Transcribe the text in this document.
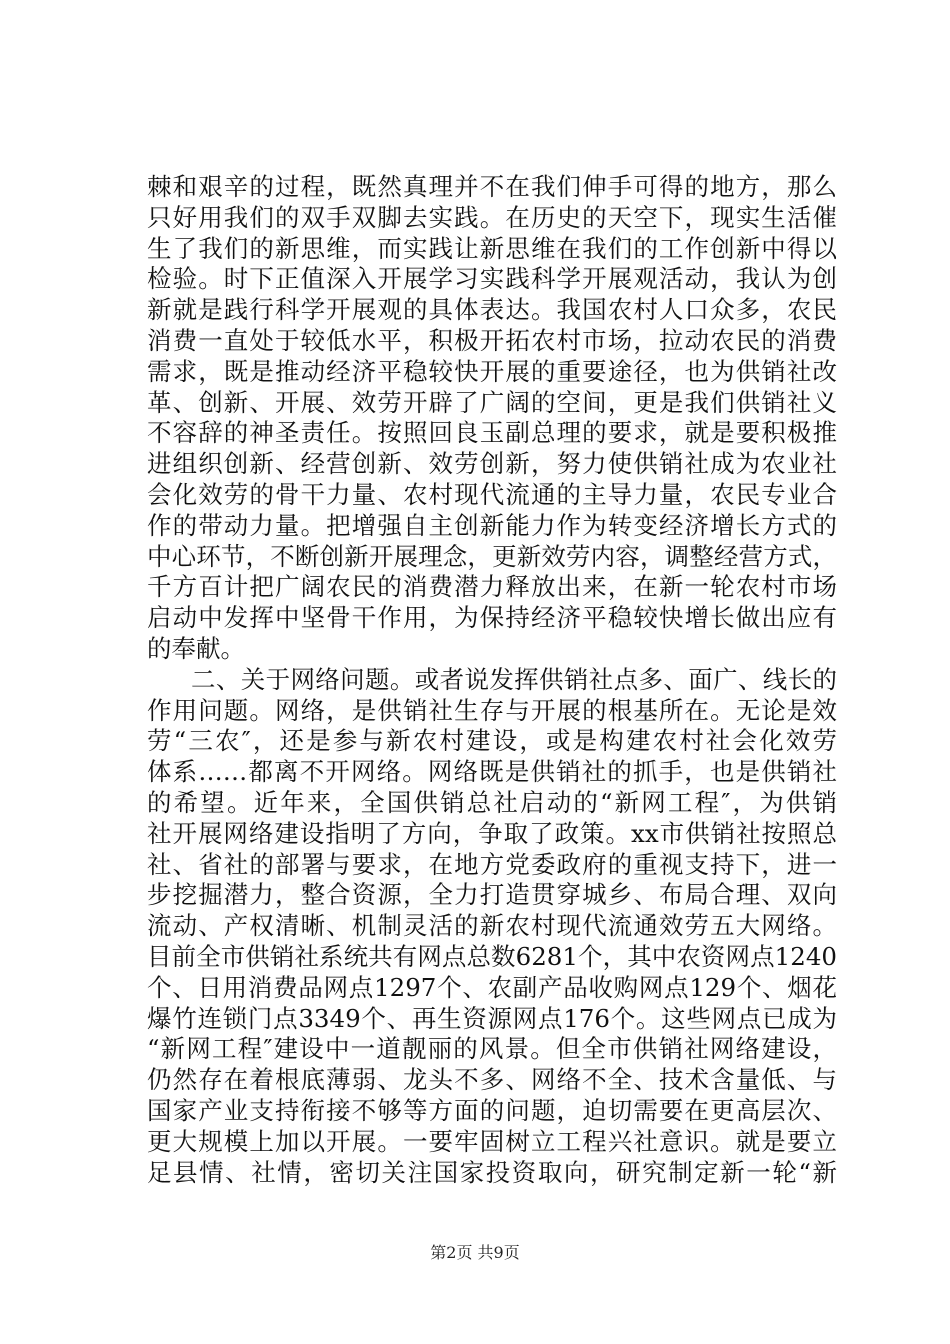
棘和艰辛的过程，既然真理并不在我们伸手可得的地方，那么
只好用我们的双手双脚去实践。在历史的天空下，现实生活催
生了我们的新思维，而实践让新思维在我们的工作创新中得以
检验。时下正值深入开展学习实践科学开展观活动，我认为创
新就是践行科学开展观的具体表达。我国农村人口众多，农民
消费一直处于较低水平，积极开拓农村市场，拉动农民的消费
需求，既是推动经济平稳较快开展的重要途径，也为供销社改
革、创新、开展、效劳开辟了广阔的空间，更是我们供销社义
不容辞的神圣责任。按照回良玉副总理的要求，就是要积极推
进组织创新、经营创新、效劳创新，努力使供销社成为农业社
会化效劳的骨干力量、农村现代流通的主导力量，农民专业合
作的带动力量。把增强自主创新能力作为转变经济增长方式的
中心环节，不断创新开展理念，更新效劳内容，调整经营方式，
千方百计把广阔农民的消费潜力释放出来，在新一轮农村市场
启动中发挥中坚骨干作用，为保持经济平稳较快增长做出应有
的奉献。
二、关于网络问题。或者说发挥供销社点多、面广、线长的
作用问题。网络，是供销社生存与开展的根基所在。无论是效
劳“三农″，还是参与新农村建设，或是构建农村社会化效劳
体系……都离不开网络。网络既是供销社的抓手，也是供销社
的希望。近年来，全国供销总社启动的“新网工程″，为供销
社开展网络建设指明了方向，争取了政策。xx市供销社按照总
社、省社的部署与要求，在地方党委政府的重视支持下，进一
步挖掘潜力，整合资源，全力打造贯穿城乡、布局合理、双向
流动、产权清晰、机制灵活的新农村现代流通效劳五大网络。
目前全市供销社系统共有网点总数6281个，其中农资网点1240
个、日用消费品网点1297个、农副产品收购网点129个、烟花
爆竹连锁门点3349个、再生资源网点176个。这些网点已成为
“新网工程″建设中一道靓丽的风景。但全市供销社网络建设，
仍然存在着根底薄弱、龙头不多、网络不全、技术含量低、与
国家产业支持衔接不够等方面的问题，迫切需要在更高层次、
更大规模上加以开展。一要牢固树立工程兴社意识。就是要立
足县情、社情，密切关注国家投资取向，研究制定新一轮“新
第2页 共9页
